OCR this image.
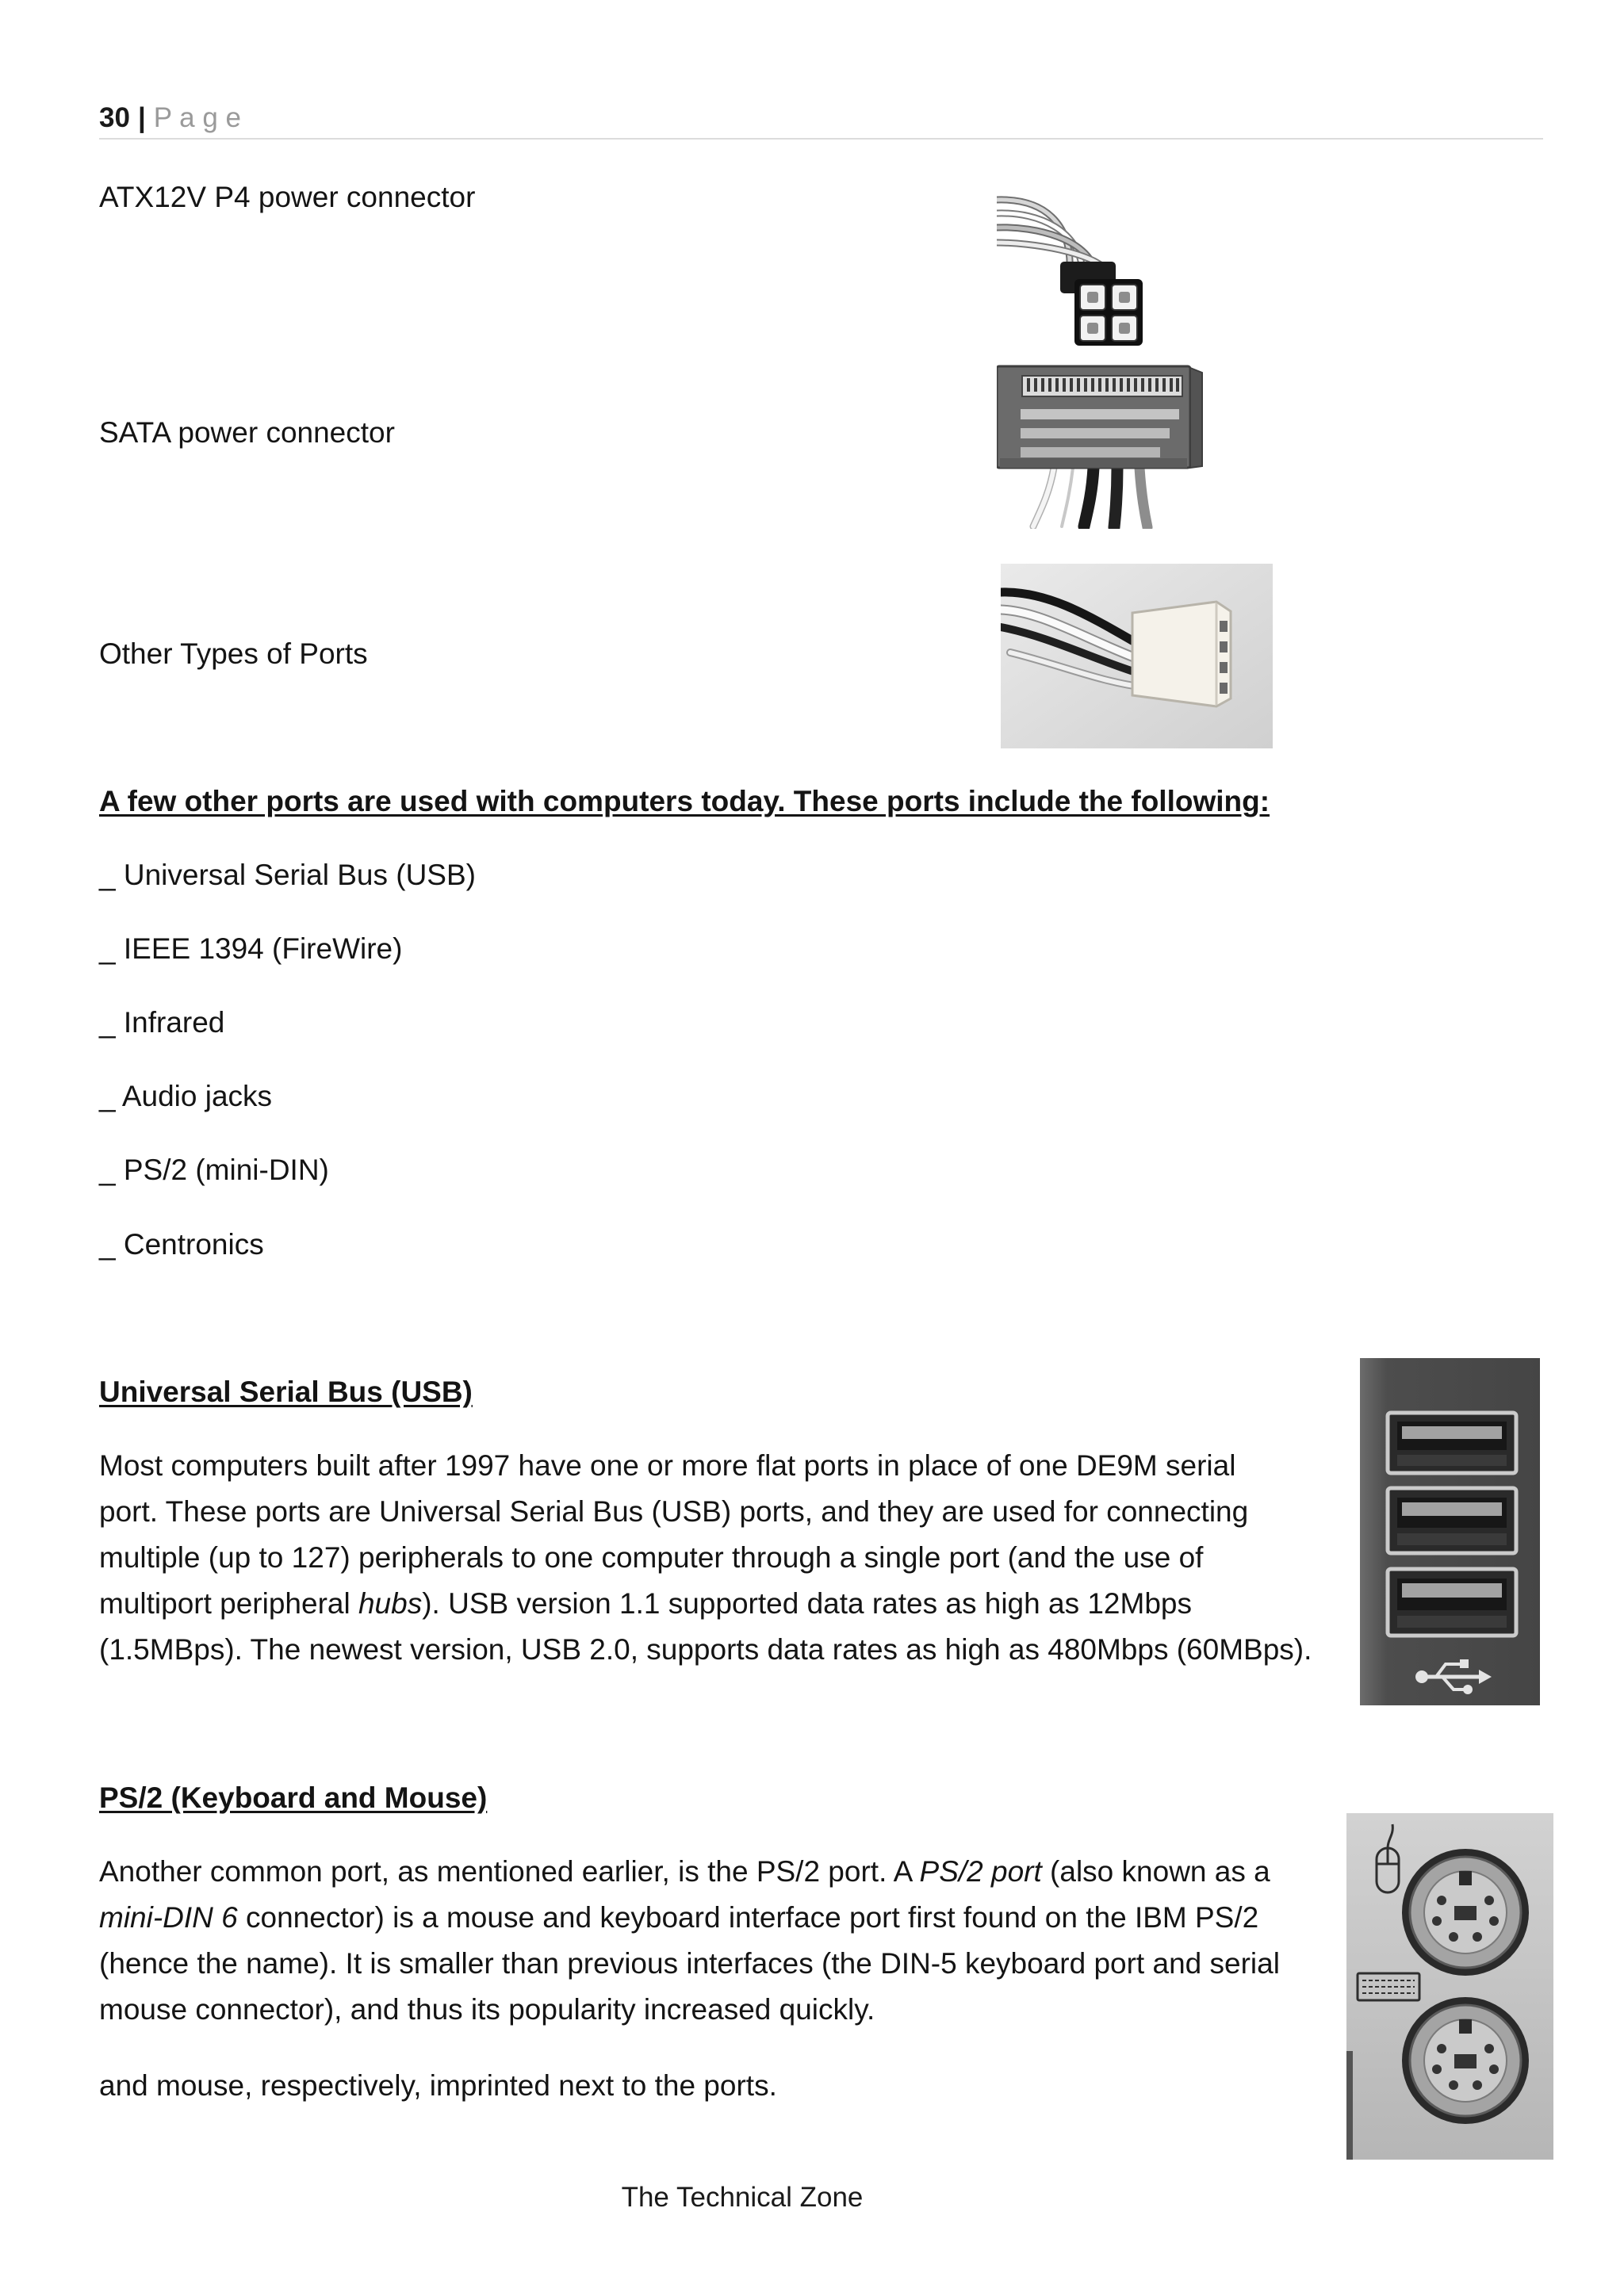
30 | P a g e
ATX12V P4 power connector
SATA power connector
Other Types of Ports
A few other ports are used with computers today. These ports include the following:
_ Universal Serial Bus (USB)
_ IEEE 1394 (FireWire)
_ Infrared
_ Audio jacks
_ PS/2 (mini-DIN)
_ Centronics
Universal Serial Bus (USB)
Most computers built after 1997 have one or more flat ports in place of one DE9M serial
port. These ports are Universal Serial Bus (USB) ports, and they are used for connecting
multiple (up to 127) peripherals to one computer through a single port (and the use of
multiport peripheral hubs). USB version 1.1 supported data rates as high as 12Mbps
(1.5MBps). The newest version, USB 2.0, supports data rates as high as 480Mbps (60MBps).
PS/2 (Keyboard and Mouse)
Another common port, as mentioned earlier, is the PS/2 port. A PS/2 port (also known as a
mini-DIN 6 connector) is a mouse and keyboard interface port first found on the IBM PS/2
(hence the name). It is smaller than previous interfaces (the DIN-5 keyboard port and serial
mouse connector), and thus its popularity increased quickly.
and mouse, respectively, imprinted next to the ports.
The Technical Zone
